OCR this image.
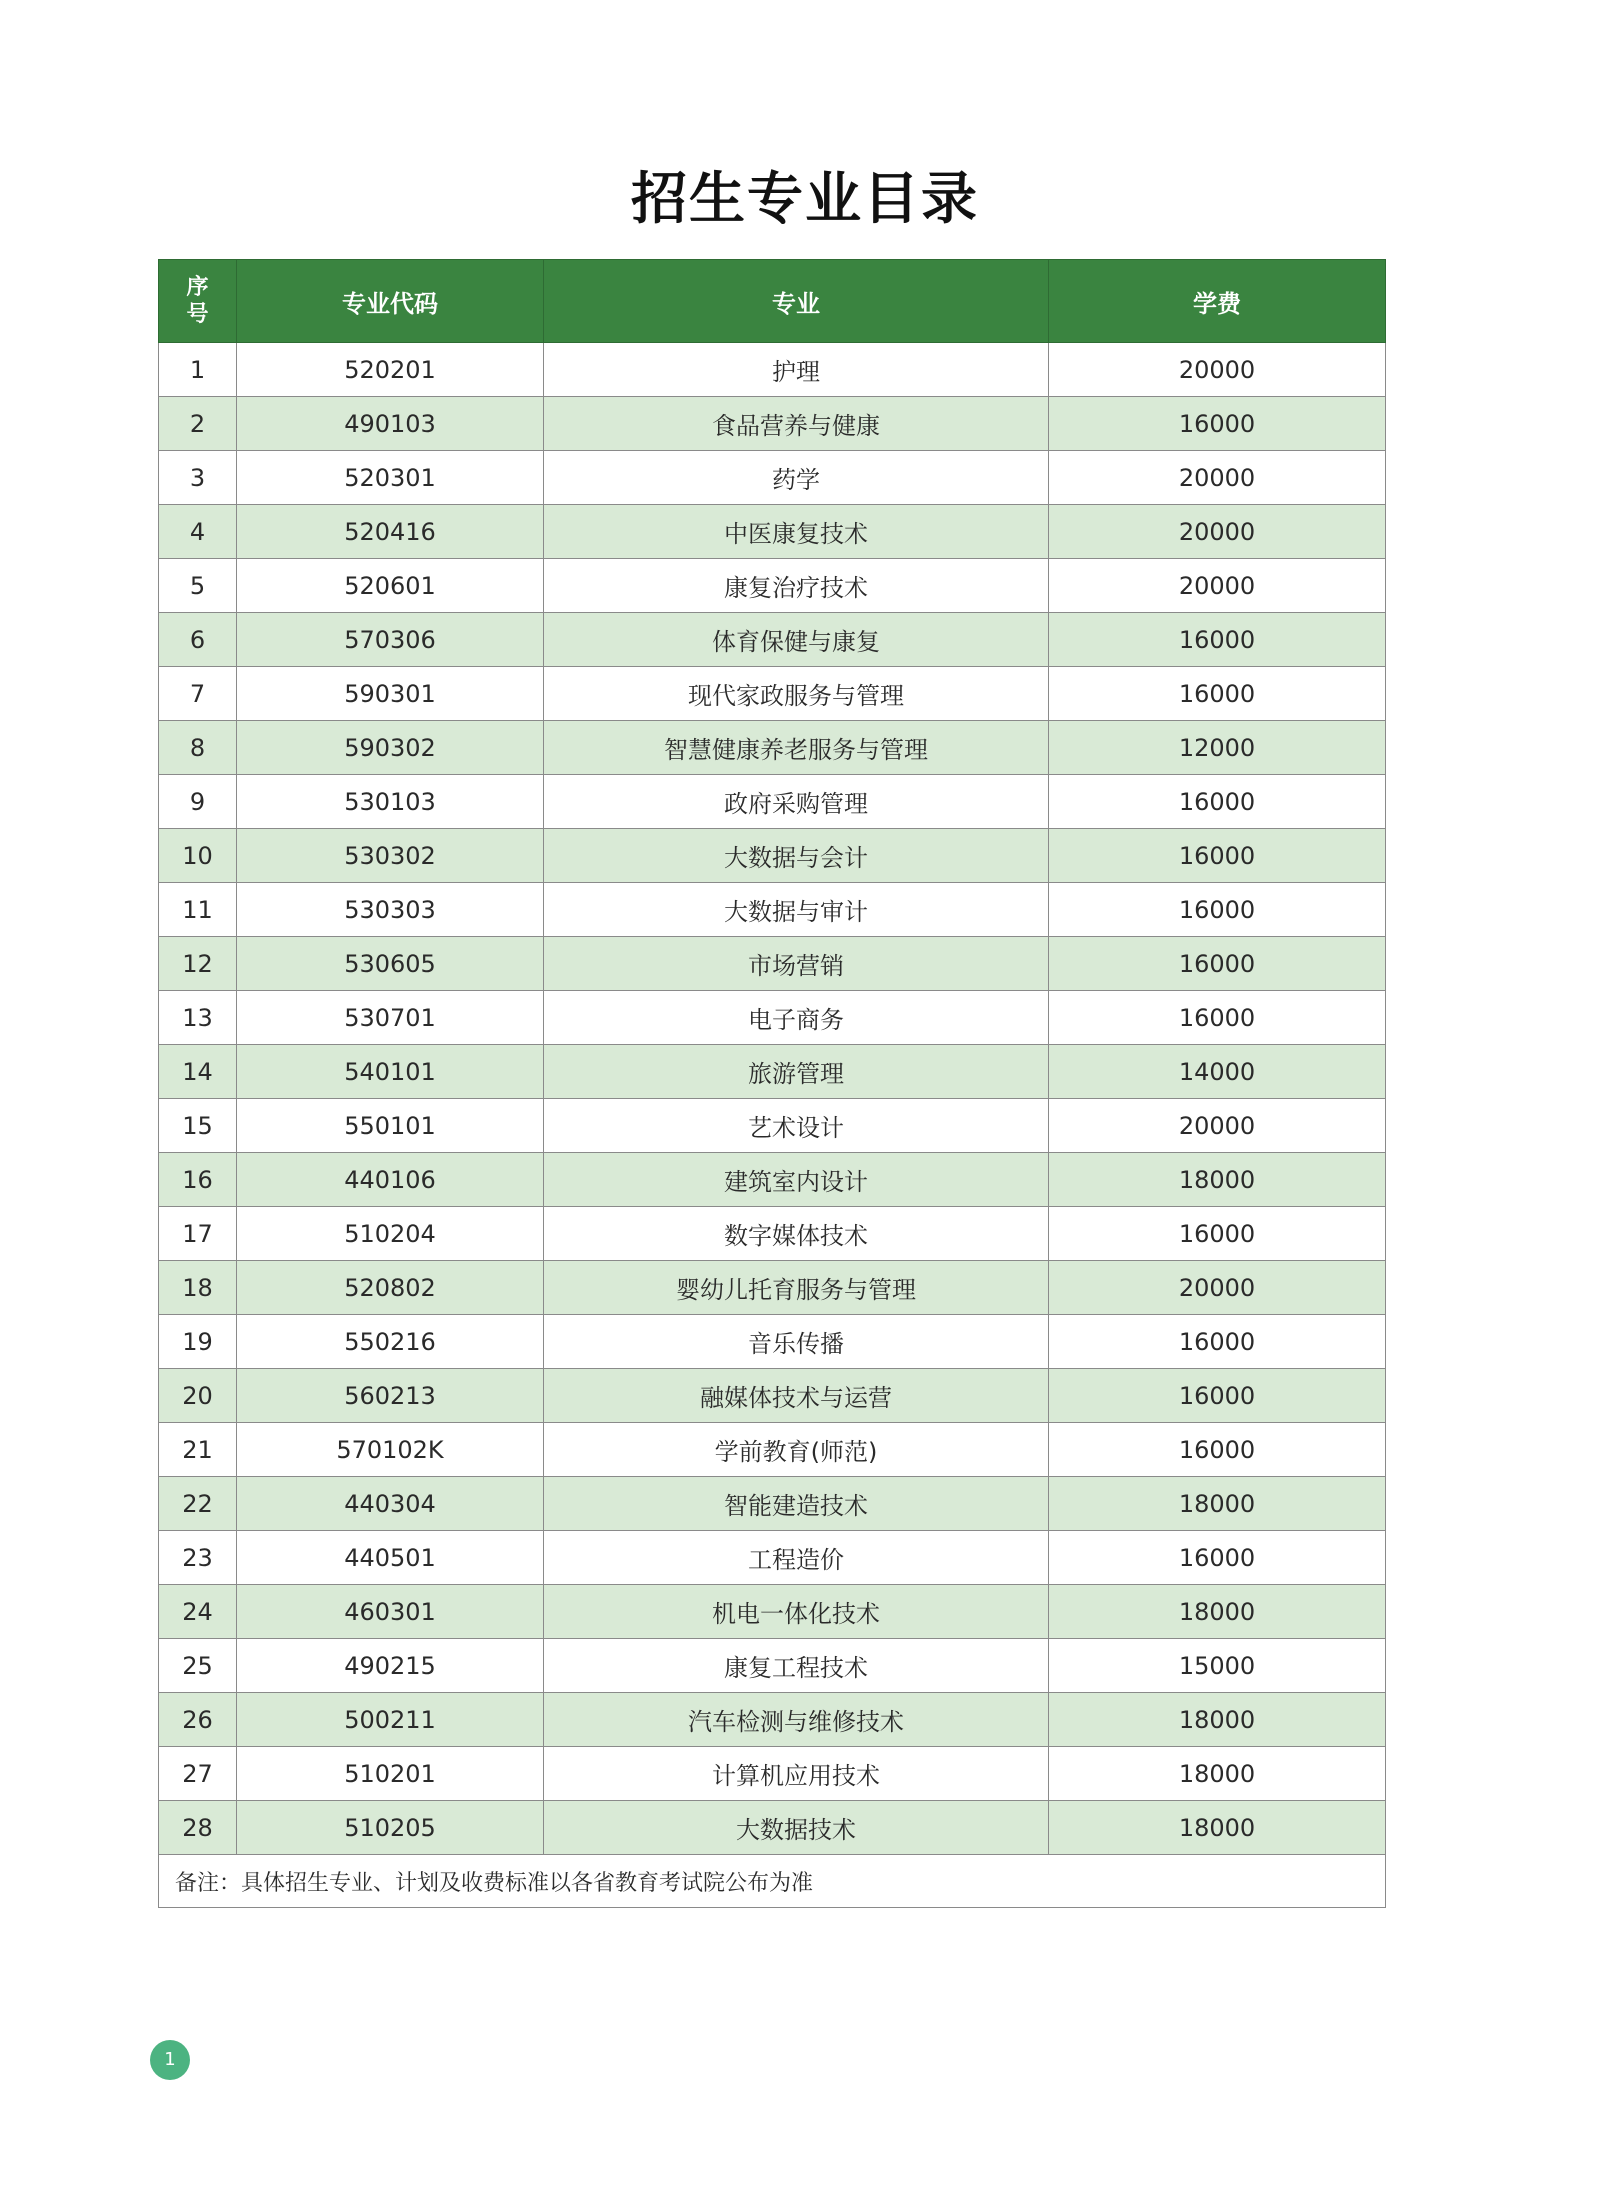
招生专业目录
序
号	专业代码	专业	学费
1	520201	护理	20000
2	490103	食品营养与健康	16000
3	520301	药学	20000
4	520416	中医康复技术	20000
5	520601	康复治疗技术	20000
6	570306	体育保健与康复	16000
7	590301	现代家政服务与管理	16000
8	590302	智慧健康养老服务与管理	12000
9	530103	政府采购管理	16000
10	530302	大数据与会计	16000
11	530303	大数据与审计	16000
12	530605	市场营销	16000
13	530701	电子商务	16000
14	540101	旅游管理	14000
15	550101	艺术设计	20000
16	440106	建筑室内设计	18000
17	510204	数字媒体技术	16000
18	520802	婴幼儿托育服务与管理	20000
19	550216	音乐传播	16000
20	560213	融媒体技术与运营	16000
21	570102K	学前教育(师范)	16000
22	440304	智能建造技术	18000
23	440501	工程造价	16000
24	460301	机电一体化技术	18000
25	490215	康复工程技术	15000
26	500211	汽车检测与维修技术	18000
27	510201	计算机应用技术	18000
28	510205	大数据技术	18000
备注：具体招生专业、计划及收费标准以各省教育考试院公布为准			
1
